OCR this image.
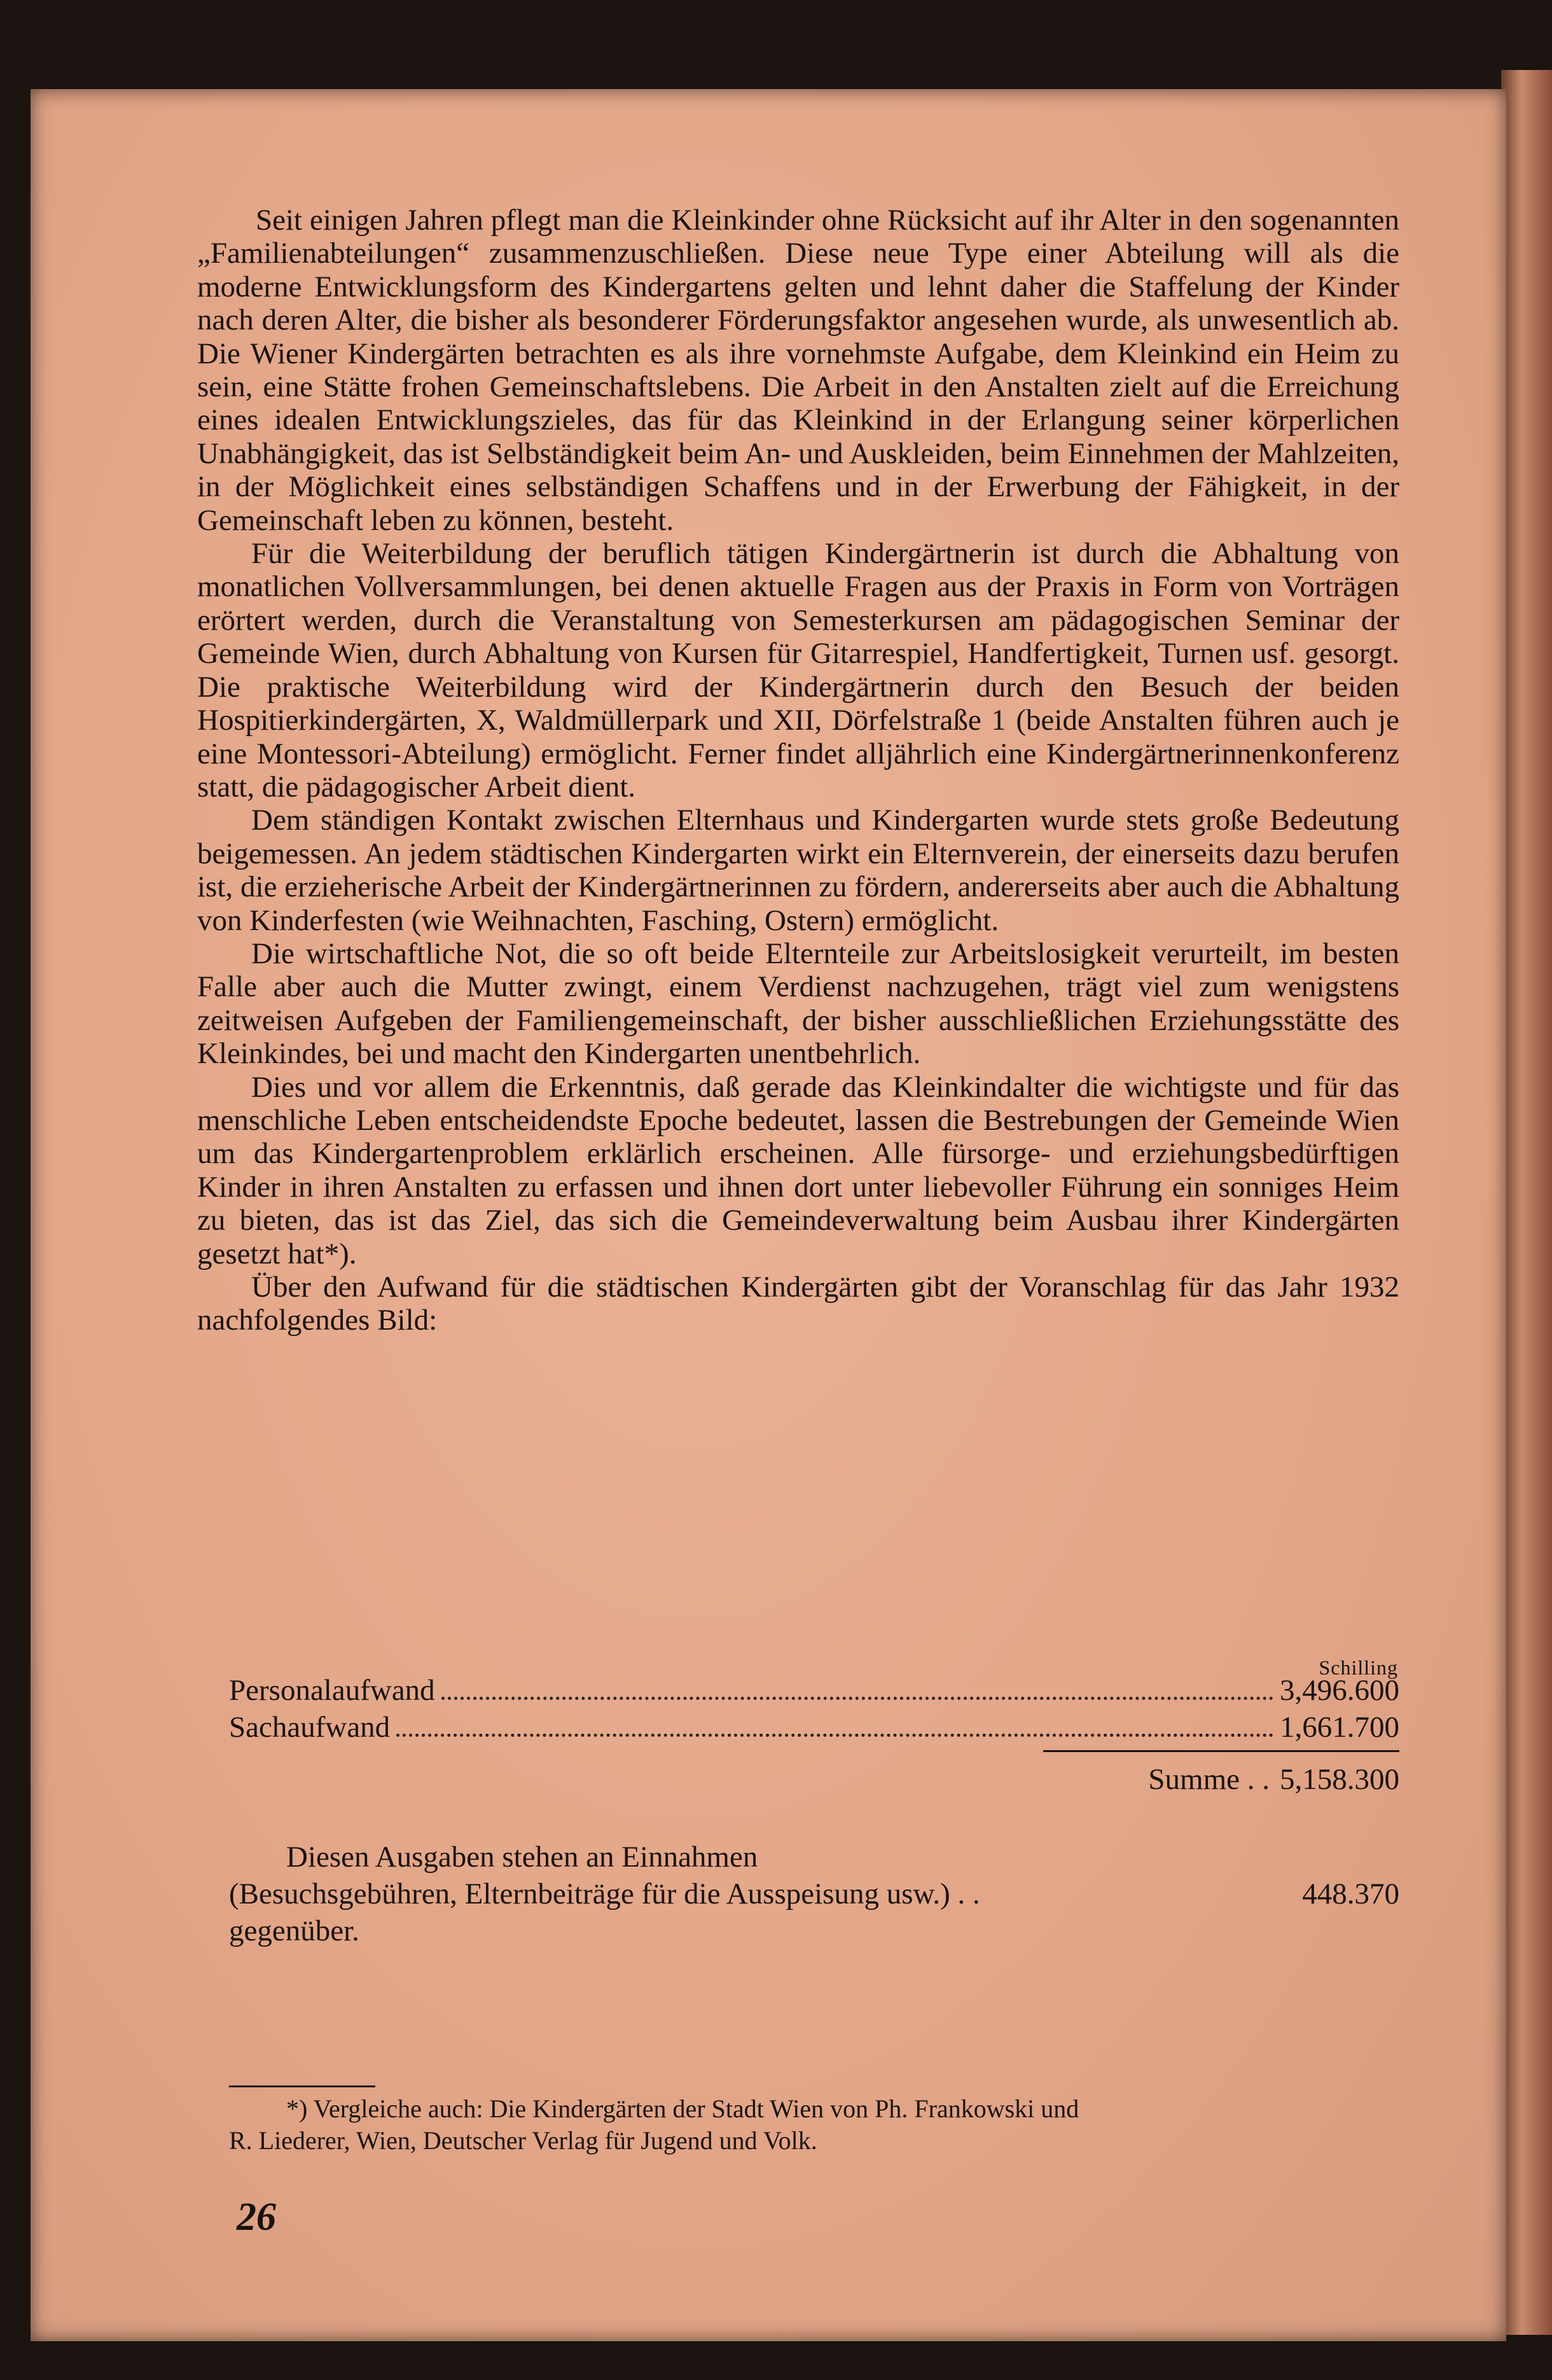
Seit einigen Jahren pflegt man die Kleinkinder ohne Rücksicht auf ihr Alter in den sogenannten „Familienabteilungen“ zusammenzuschließen. Diese neue Type einer Abteilung will als die moderne Entwicklungsform des Kindergartens gelten und lehnt daher die Staffelung der Kinder nach deren Alter, die bisher als besonderer Förderungsfaktor angesehen wurde, als unwesentlich ab. Die Wiener Kindergärten betrachten es als ihre vornehmste Aufgabe, dem Kleinkind ein Heim zu sein, eine Stätte frohen Gemeinschaftslebens. Die Arbeit in den Anstalten zielt auf die Erreichung eines idealen Entwicklungszieles, das für das Kleinkind in der Erlangung seiner körperlichen Unabhängigkeit, das ist Selbständigkeit beim An- und Auskleiden, beim Einnehmen der Mahlzeiten, in der Möglichkeit eines selbständigen Schaffens und in der Erwerbung der Fähigkeit, in der Gemeinschaft leben zu können, besteht.

Für die Weiterbildung der beruflich tätigen Kindergärtnerin ist durch die Abhaltung von monatlichen Vollversammlungen, bei denen aktuelle Fragen aus der Praxis in Form von Vorträgen erörtert werden, durch die Veranstaltung von Semesterkursen am pädagogischen Seminar der Gemeinde Wien, durch Abhaltung von Kursen für Gitarrespiel, Handfertigkeit, Turnen usf. gesorgt. Die praktische Weiterbildung wird der Kindergärtnerin durch den Besuch der beiden Hospitierkindergärten, X, Waldmüllerpark und XII, Dörfelstraße 1 (beide Anstalten führen auch je eine Montessori-Abteilung) ermöglicht. Ferner findet alljährlich eine Kindergärtnerinnenkonferenz statt, die pädagogischer Arbeit dient.

Dem ständigen Kontakt zwischen Elternhaus und Kindergarten wurde stets große Bedeutung beigemessen. An jedem städtischen Kindergarten wirkt ein Elternverein, der einerseits dazu berufen ist, die erzieherische Arbeit der Kindergärtnerinnen zu fördern, andererseits aber auch die Abhaltung von Kinderfesten (wie Weihnachten, Fasching, Ostern) ermöglicht.

Die wirtschaftliche Not, die so oft beide Elternteile zur Arbeitslosigkeit verurteilt, im besten Falle aber auch die Mutter zwingt, einem Verdienst nachzugehen, trägt viel zum wenigstens zeitweisen Aufgeben der Familiengemeinschaft, der bisher ausschließlichen Erziehungsstätte des Kleinkindes, bei und macht den Kindergarten unentbehrlich.

Dies und vor allem die Erkenntnis, daß gerade das Kleinkindalter die wichtigste und für das menschliche Leben entscheidendste Epoche bedeutet, lassen die Bestrebungen der Gemeinde Wien um das Kindergartenproblem erklärlich erscheinen. Alle fürsorge- und erziehungsbedürftigen Kinder in ihren Anstalten zu erfassen und ihnen dort unter liebevoller Führung ein sonniges Heim zu bieten, das ist das Ziel, das sich die Gemeindeverwaltung beim Ausbau ihrer Kindergärten gesetzt hat*).

Über den Aufwand für die städtischen Kindergärten gibt der Voranschlag für das Jahr 1932 nachfolgendes Bild:

Schilling
Personalaufwand	3,496.600
Sachaufwand	1,661.700
Summe . . 5,158.300
Diesen Ausgaben stehen an Einnahmen
(Besuchsgebühren, Elternbeiträge für die Ausspeisung usw.) . .	448.370
gegenüber.
*) Vergleiche auch: Die Kindergärten der Stadt Wien von Ph. Frankowski und
R. Liederer, Wien, Deutscher Verlag für Jugend und Volk.
26
